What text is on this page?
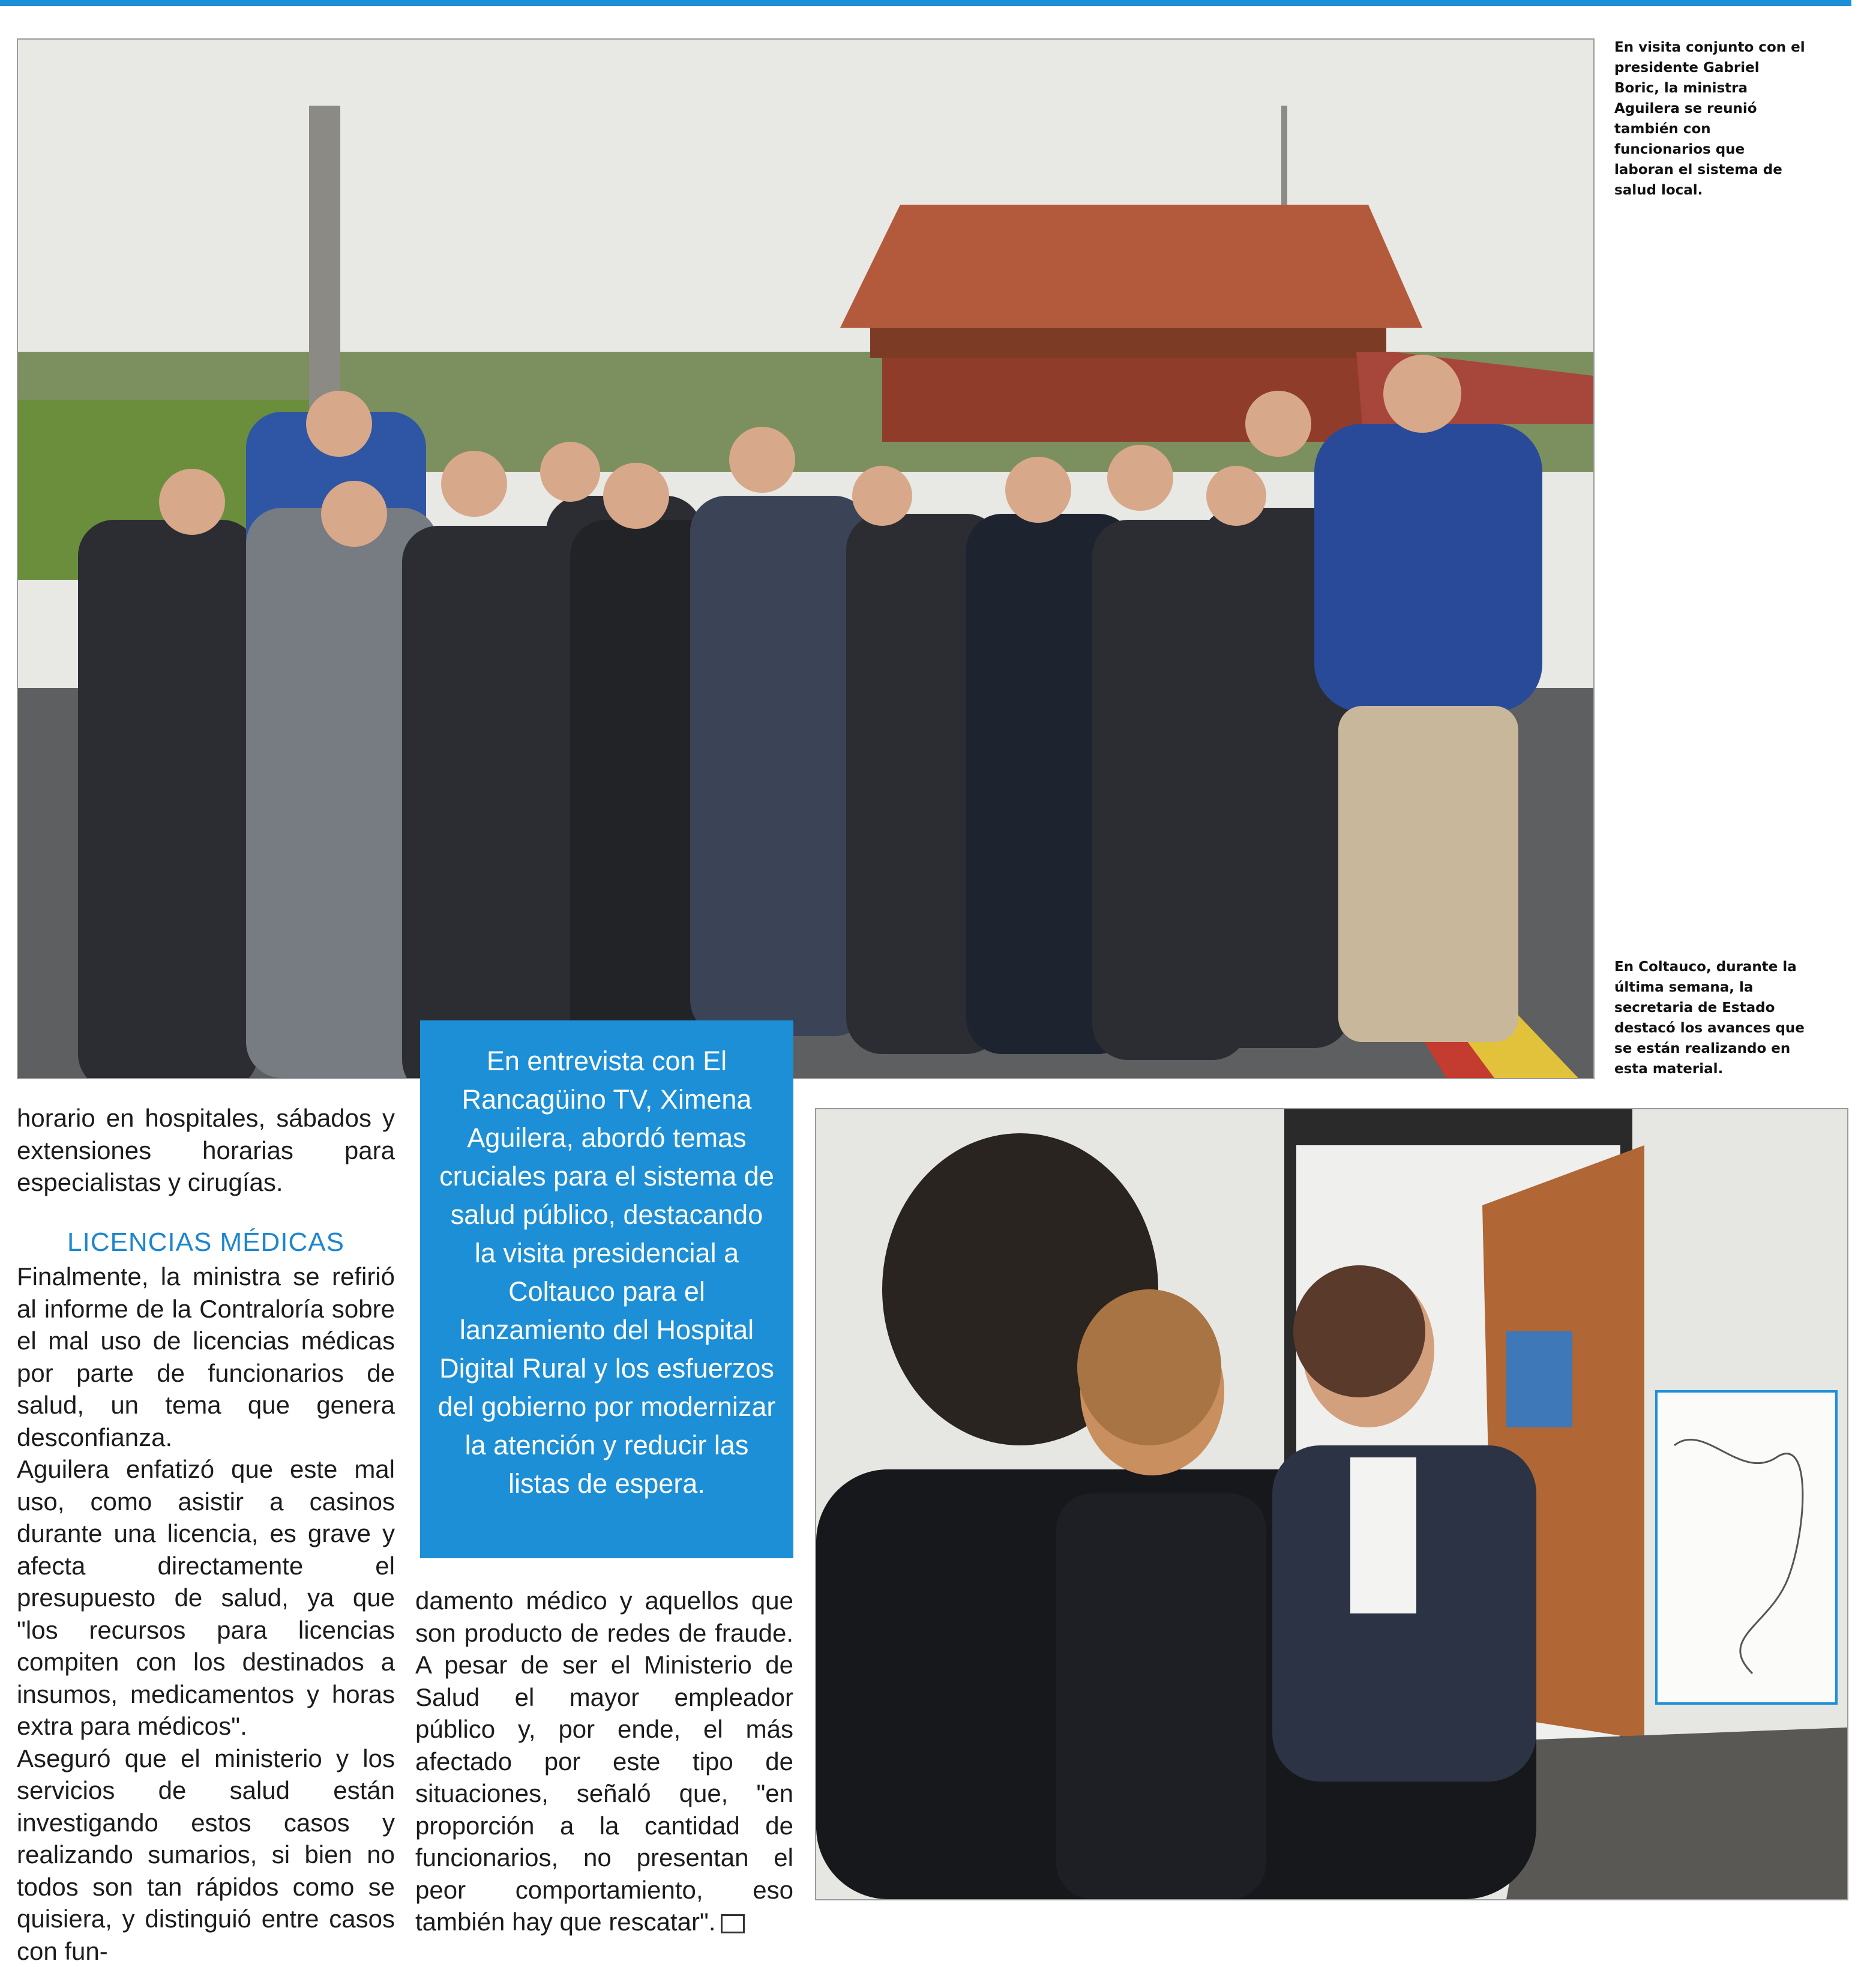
En visita conjunto con el presidente Gabriel Boric, la ministra Aguilera se reunió también con funcionarios que laboran el sistema de salud local.
En Coltauco, durante la última semana, la secretaria de Estado destacó los avances que se están realizando en esta material.
En entrevista con El Rancagüino TV, Ximena Aguilera, abordó temas cruciales para el sistema de salud público, destacando la visita presidencial a Coltauco para el lanzamiento del Hospital Digital Rural y los esfuerzos del gobierno por modernizar la atención y reducir las listas de espera.

horario en hospitales, sábados y extensiones horarias para especialistas y cirugías.

LICENCIAS MÉDICAS

Finalmente, la ministra se refirió al informe de la Contraloría sobre el mal uso de licencias médicas por parte de funcionarios de salud, un tema que genera desconfianza.

Aguilera enfatizó que este mal uso, como asistir a casinos durante una licencia, es grave y afecta directamente el presupuesto de salud, ya que "los recursos para licencias compiten con los destinados a insumos, medicamentos y horas extra para médicos".

Aseguró que el ministerio y los servicios de salud están investigando estos casos y realizando sumarios, si bien no todos son tan rápidos como se quisiera, y distinguió entre casos con fun-

damento médico y aquellos que son producto de redes de fraude. A pesar de ser el Ministerio de Salud el mayor empleador público y, por ende, el más afectado por este tipo de situaciones, señaló que, "en proporción a la cantidad de funcionarios, no presentan el peor comportamiento, eso también hay que rescatar".
